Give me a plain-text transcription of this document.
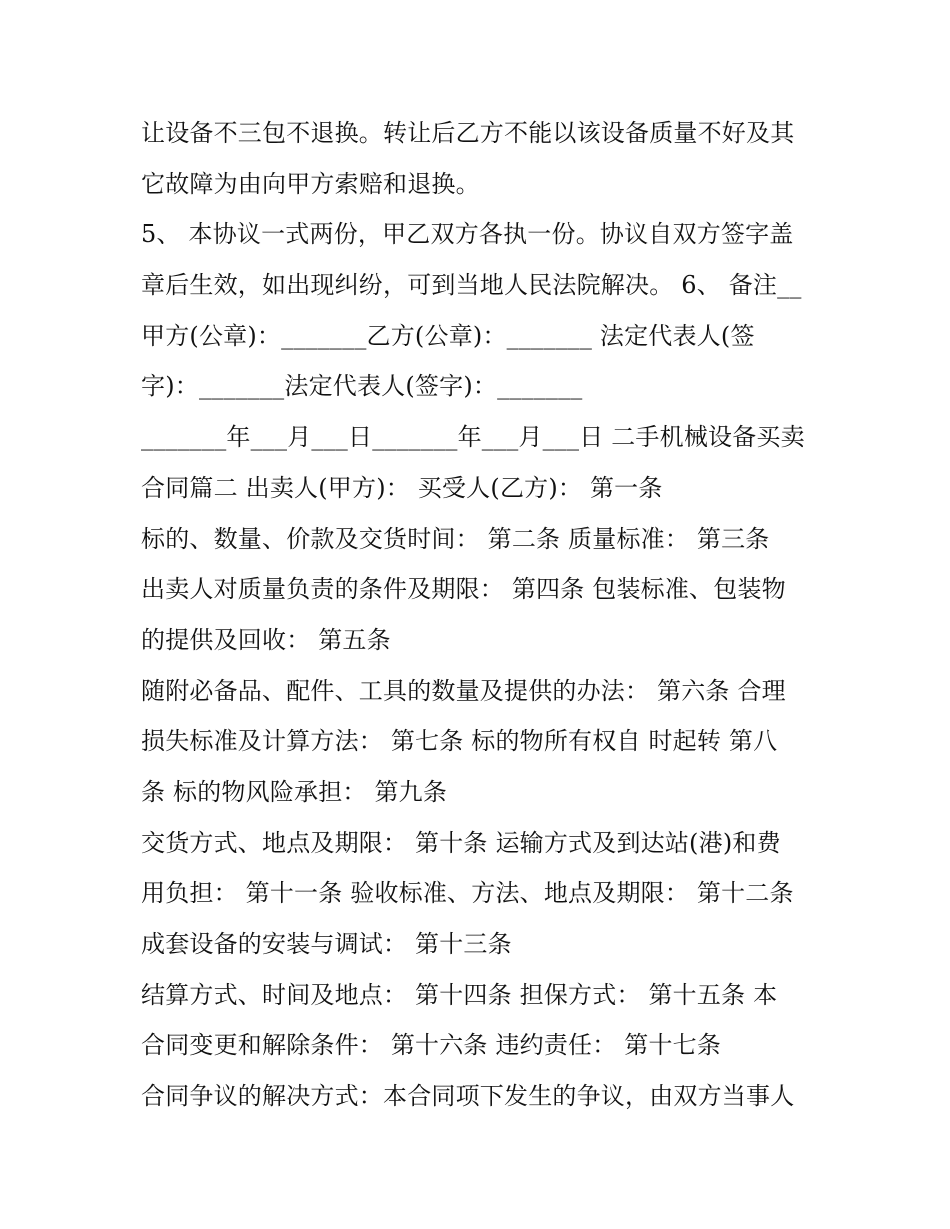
让设备不三包不退换。转让后乙方不能以该设备质量不好及其
它故障为由向甲方索赔和退换。
5、 本协议一式两份，甲乙双方各执一份。协议自双方签字盖
章后生效，如出现纠纷，可到当地人民法院解决。 6、 备注__
甲方(公章)：_______乙方(公章)：_______ 法定代表人(签
字)：_______法定代表人(签字)：_______
_______年___月___日_______年___月___日 二手机械设备买卖
合同篇二 出卖人(甲方)： 买受人(乙方)： 第一条
标的、数量、价款及交货时间： 第二条 质量标准： 第三条
出卖人对质量负责的条件及期限： 第四条 包装标准、包装物
的提供及回收： 第五条
随附必备品、配件、工具的数量及提供的办法： 第六条 合理
损失标准及计算方法： 第七条 标的物所有权自 时起转 第八
条 标的物风险承担： 第九条
交货方式、地点及期限： 第十条 运输方式及到达站(港)和费
用负担： 第十一条 验收标准、方法、地点及期限： 第十二条
成套设备的安装与调试： 第十三条
结算方式、时间及地点： 第十四条 担保方式： 第十五条 本
合同变更和解除条件： 第十六条 违约责任： 第十七条
合同争议的解决方式：本合同项下发生的争议，由双方当事人
